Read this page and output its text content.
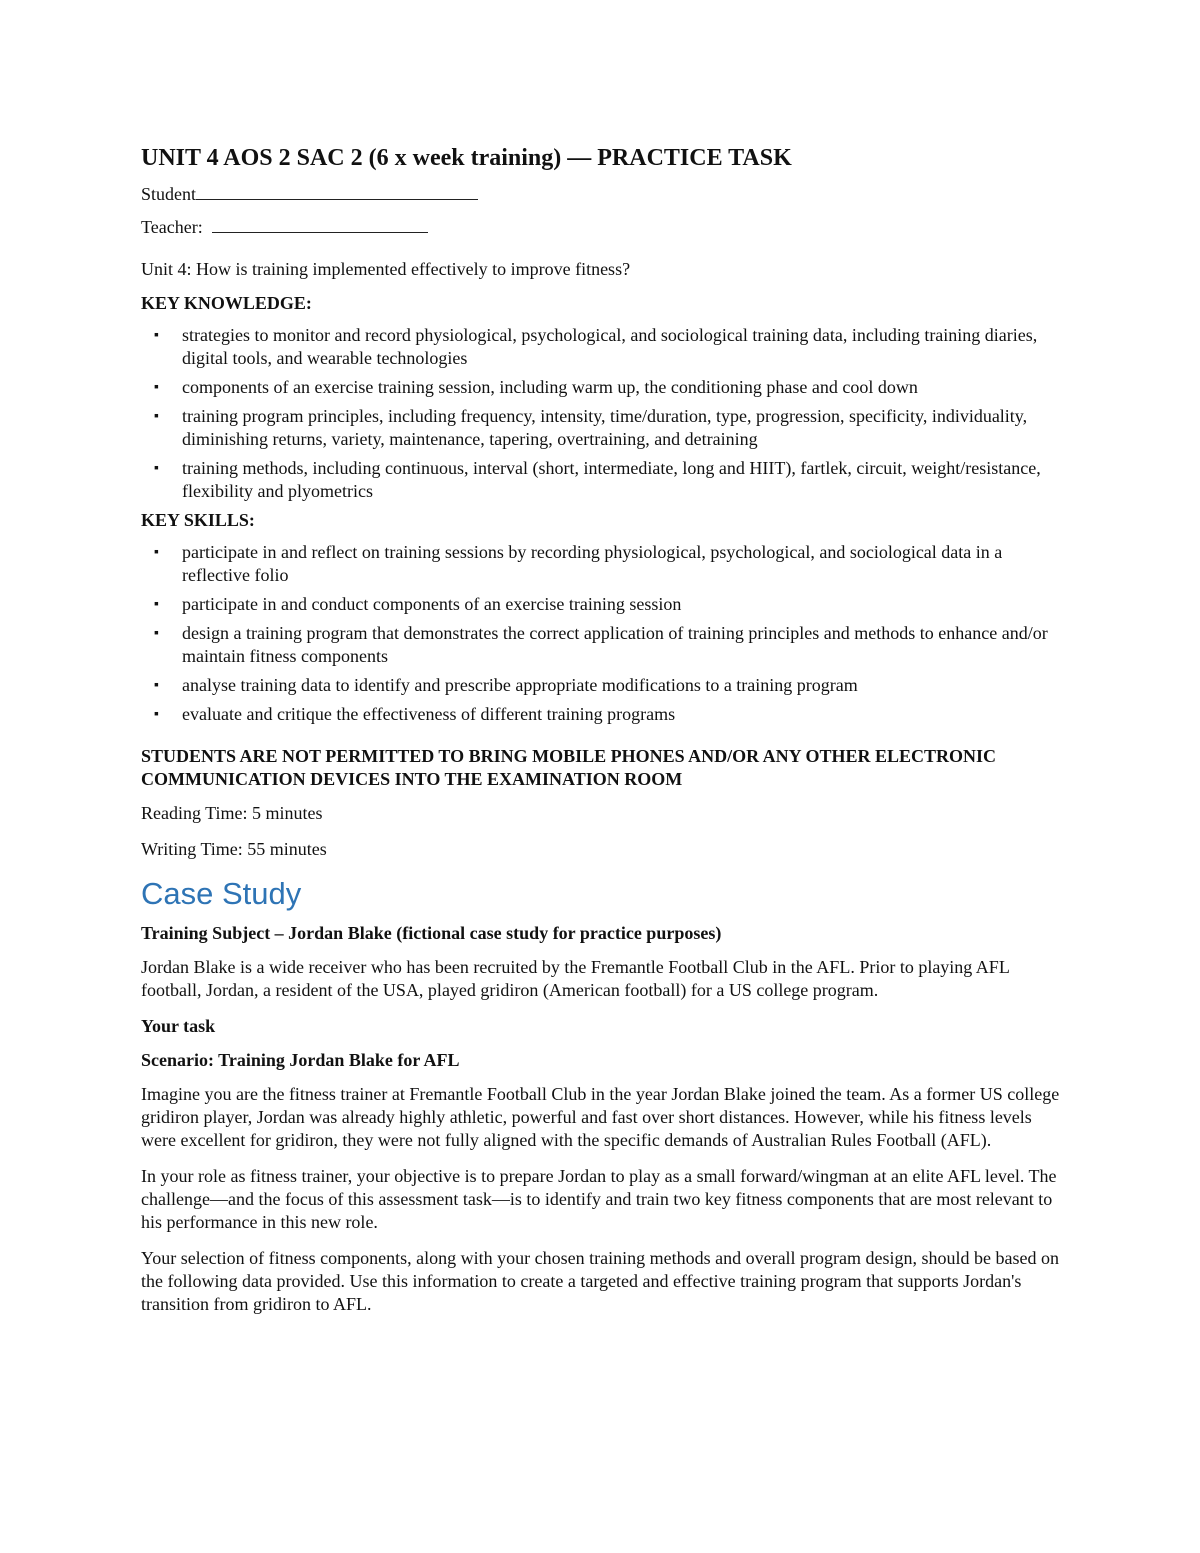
UNIT 4 AOS 2 SAC 2 (6 x week training) — PRACTICE TASK

Student

Teacher:

Unit 4: How is training implemented effectively to improve fitness?

KEY KNOWLEDGE:

▪ strategies to monitor and record physiological, psychological, and sociological training data, including training diaries, digital tools, and wearable technologies
▪ components of an exercise training session, including warm up, the conditioning phase and cool down
▪ training program principles, including frequency, intensity, time/duration, type, progression, specificity, individuality, diminishing returns, variety, maintenance, tapering, overtraining, and detraining
▪ training methods, including continuous, interval (short, intermediate, long and HIIT), fartlek, circuit, weight/resistance, flexibility and plyometrics

KEY SKILLS:

▪ participate in and reflect on training sessions by recording physiological, psychological, and sociological data in a reflective folio
▪ participate in and conduct components of an exercise training session
▪ design a training program that demonstrates the correct application of training principles and methods to enhance and/or maintain fitness components
▪ analyse training data to identify and prescribe appropriate modifications to a training program
▪ evaluate and critique the effectiveness of different training programs

STUDENTS ARE NOT PERMITTED TO BRING MOBILE PHONES AND/OR ANY OTHER ELECTRONIC COMMUNICATION DEVICES INTO THE EXAMINATION ROOM

Reading Time: 5 minutes

Writing Time: 55 minutes

Case Study

Training Subject – Jordan Blake (fictional case study for practice purposes)

Jordan Blake is a wide receiver who has been recruited by the Fremantle Football Club in the AFL. Prior to playing AFL football, Jordan, a resident of the USA, played gridiron (American football) for a US college program.

Your task

Scenario: Training Jordan Blake for AFL

Imagine you are the fitness trainer at Fremantle Football Club in the year Jordan Blake joined the team. As a former US college gridiron player, Jordan was already highly athletic, powerful and fast over short distances. However, while his fitness levels were excellent for gridiron, they were not fully aligned with the specific demands of Australian Rules Football (AFL).

In your role as fitness trainer, your objective is to prepare Jordan to play as a small forward/wingman at an elite AFL level. The challenge—and the focus of this assessment task—is to identify and train two key fitness components that are most relevant to his performance in this new role.

Your selection of fitness components, along with your chosen training methods and overall program design, should be based on the following data provided. Use this information to create a targeted and effective training program that supports Jordan's transition from gridiron to AFL.
